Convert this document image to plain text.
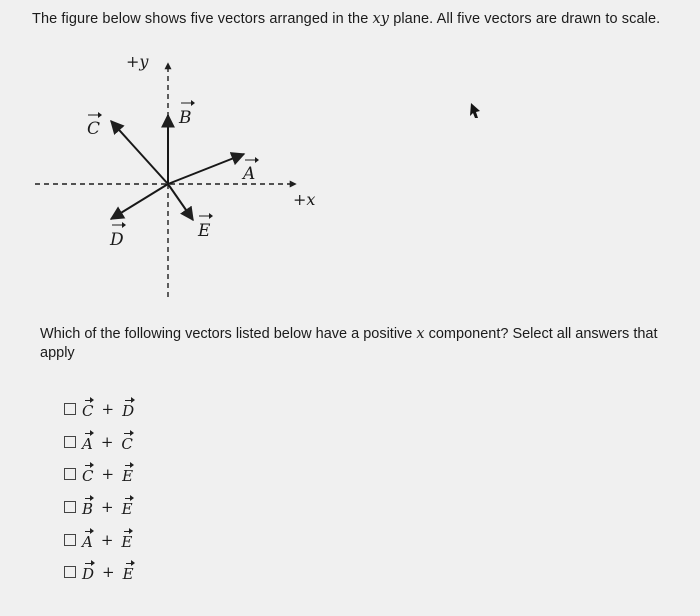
The figure below shows five vectors arranged in the xy plane. All five vectors are drawn to scale.
+y
+x
B
A
C
D	E
Which of the following vectors listed below have a positive x component? Select all answers that apply
C + D
A + C
C + E
B + E
A + E
D + E
